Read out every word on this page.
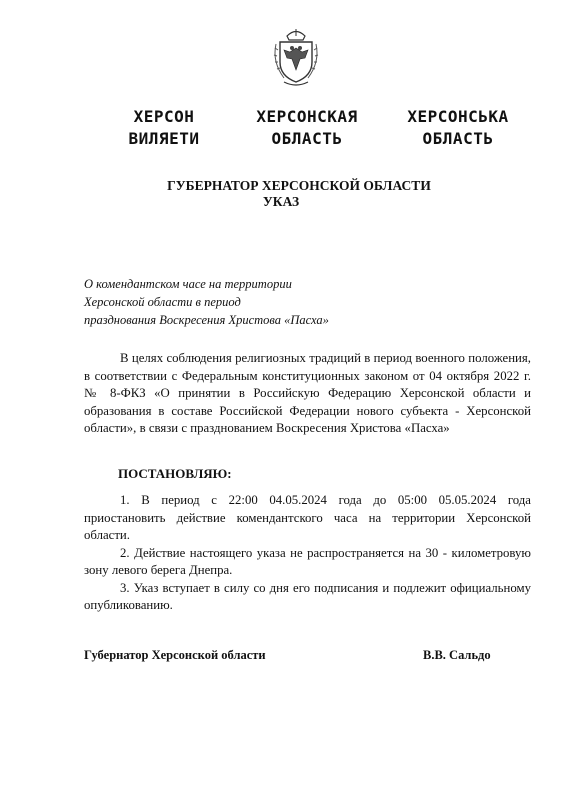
ХЕРСОН
ВИЛЯЕТИ
ХЕРСОНСКАЯ
ОБЛАСТЬ
ХЕРСОНСЬКА
ОБЛАСТЬ
ГУБЕРНАТОР ХЕРСОНСКОЙ ОБЛАСТИ
УКАЗ
О комендантском часе на территории
Херсонской области в период
празднования Воскресения Христова «Пасха»

В целях соблюдения религиозных традиций в период военного положения, в соответствии с Федеральным конституционных законом от 04 октября 2022 г. № 8-ФКЗ «О принятии в Российскую Федерацию Херсонской области и образования в составе Российской Федерации нового субъекта - Херсонской области», в связи с празднованием Воскресения Христова «Пасха»

ПОСТАНОВЛЯЮ:

1. В период с 22:00 04.05.2024 года до 05:00 05.05.2024 года приостановить действие комендантского часа на территории Херсонской области.

2. Действие настоящего указа не распространяется на 30 - километровую зону левого берега Днепра.

3. Указ вступает в силу со дня его подписания и подлежит официальному опубликованию.

Губернатор Херсонской области	В.В. Сальдо
